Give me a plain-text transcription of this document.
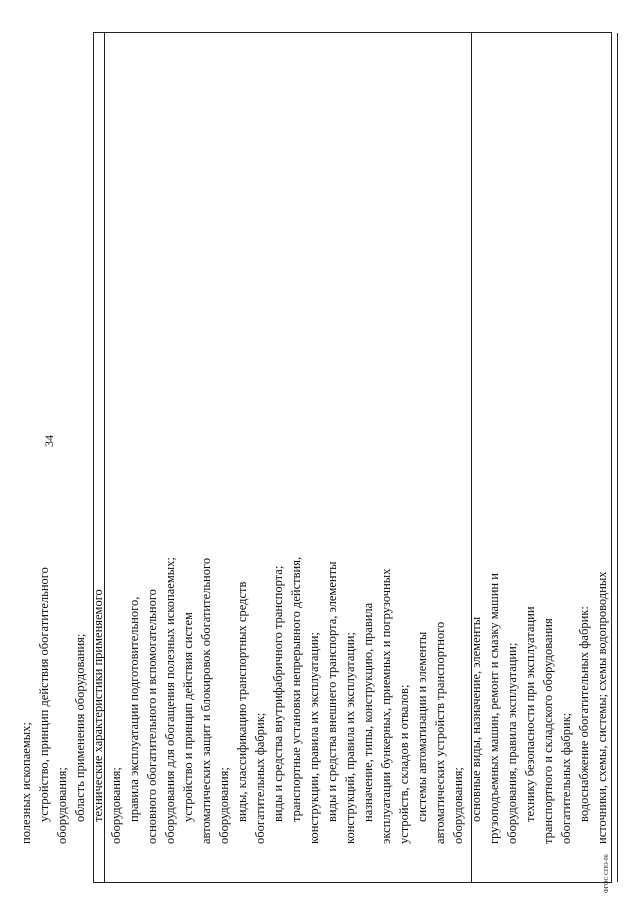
34
полезных ископаемых; устройство, принцип действия обогатительного оборудования; область применения оборудования; технические характеристики применяемого оборудования; правила эксплуатации подготовительного, основного обогатительного и вспомогательного оборудования для обогащения полезных ископаемых; устройство и принцип действия систем автоматических защит и блокировок обогатительного оборудования; виды, классификацию транспортных средств обогатительных фабрик; виды и средства внутрифабричного транспорта; транспортные установки непрерывного действия, конструкции, правила их эксплуатации; виды и средства внешнего транспорта, элементы конструкций, правила их эксплуатации; назначение, типы, конструкцию, правила эксплуатации бункерных, приемных и погрузочных устройств, складов и отвалов; системы автоматизации и элементы автоматических устройств транспортного оборудования; основные виды, назначение, элементы грузоподъемных машин, ремонт и смазку машин и оборудования, правила эксплуатации; технику безопасности при эксплуатации транспортного и складского оборудования обогатительных фабрик; водоснабжение обогатительных фабрик: источники, схемы, системы; схемы водопроводных
ФГОС СПО-06
